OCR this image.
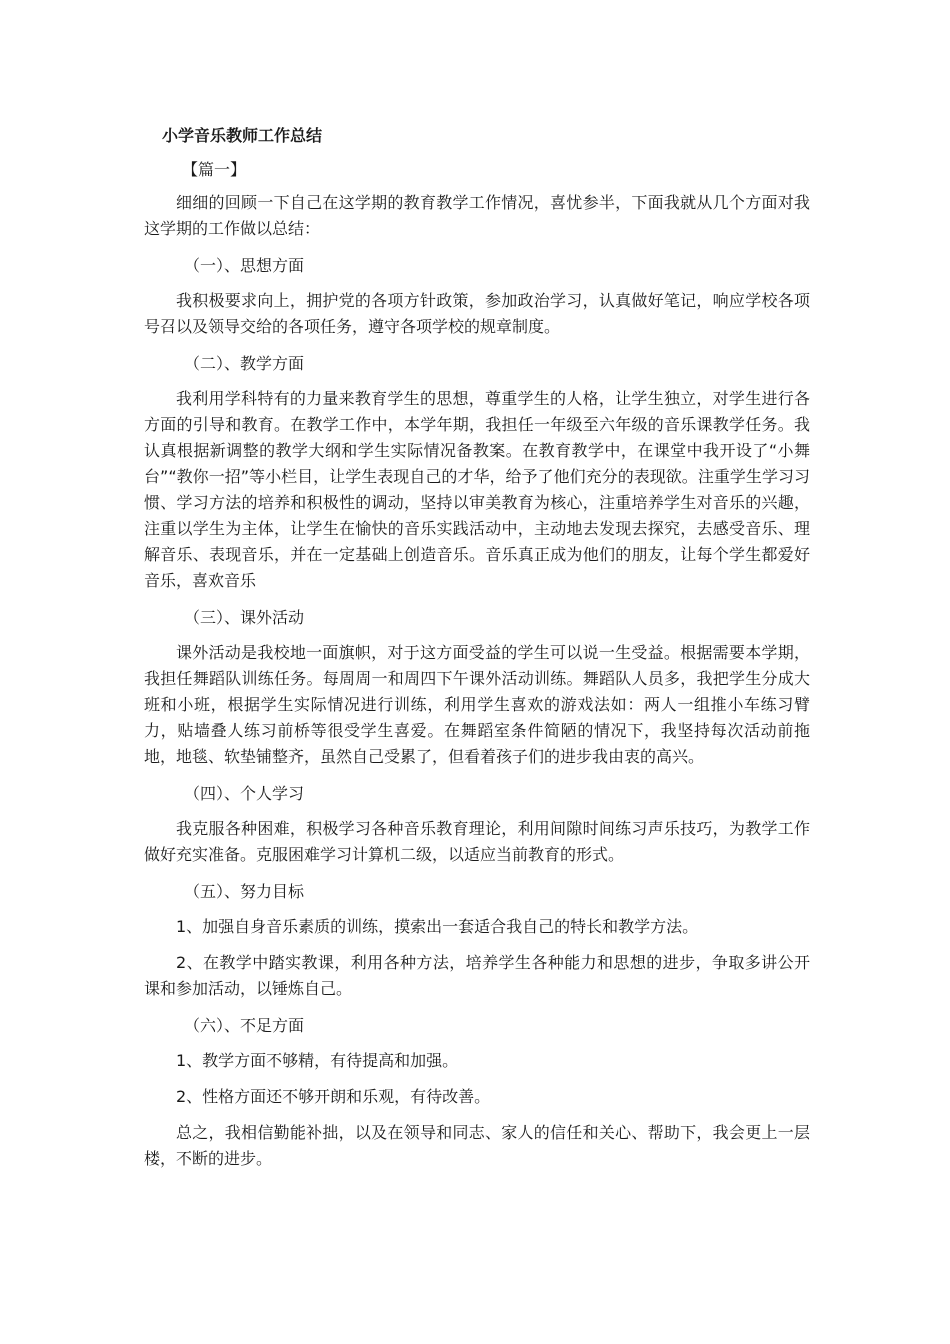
小学音乐教师工作总结
【篇一】

细细的回顾一下自己在这学期的教育教学工作情况，喜忧参半，下面我就从几个方面对我这学期的工作做以总结：

（一）、思想方面

我积极要求向上，拥护党的各项方针政策，参加政治学习，认真做好笔记，响应学校各项号召以及领导交给的各项任务，遵守各项学校的规章制度。

（二）、教学方面

我利用学科特有的力量来教育学生的思想，尊重学生的人格，让学生独立，对学生进行各方面的引导和教育。在教学工作中，本学年期，我担任一年级至六年级的音乐课教学任务。我认真根据新调整的教学大纲和学生实际情况备教案。在教育教学中，在课堂中我开设了“小舞台”“教你一招”等小栏目，让学生表现自己的才华，给予了他们充分的表现欲。注重学生学习习惯、学习方法的培养和积极性的调动，坚持以审美教育为核心，注重培养学生对音乐的兴趣，注重以学生为主体，让学生在愉快的音乐实践活动中，主动地去发现去探究，去感受音乐、理解音乐、表现音乐，并在一定基础上创造音乐。音乐真正成为他们的朋友，让每个学生都爱好音乐，喜欢音乐

（三）、课外活动

课外活动是我校地一面旗帜，对于这方面受益的学生可以说一生受益。根据需要本学期，我担任舞蹈队训练任务。每周周一和周四下午课外活动训练。舞蹈队人员多，我把学生分成大班和小班，根据学生实际情况进行训练，利用学生喜欢的游戏法如：两人一组推小车练习臂力，贴墙叠人练习前桥等很受学生喜爱。在舞蹈室条件简陋的情况下，我坚持每次活动前拖地，地毯、软垫铺整齐，虽然自己受累了，但看着孩子们的进步我由衷的高兴。

（四）、个人学习

我克服各种困难，积极学习各种音乐教育理论，利用间隙时间练习声乐技巧，为教学工作做好充实准备。克服困难学习计算机二级，以适应当前教育的形式。

（五）、努力目标

1、加强自身音乐素质的训练，摸索出一套适合我自己的特长和教学方法。

2、在教学中踏实教课，利用各种方法，培养学生各种能力和思想的进步，争取多讲公开课和参加活动，以锤炼自己。

（六）、不足方面

1、教学方面不够精，有待提高和加强。

2、性格方面还不够开朗和乐观，有待改善。

总之，我相信勤能补拙，以及在领导和同志、家人的信任和关心、帮助下，我会更上一层楼，不断的进步。
